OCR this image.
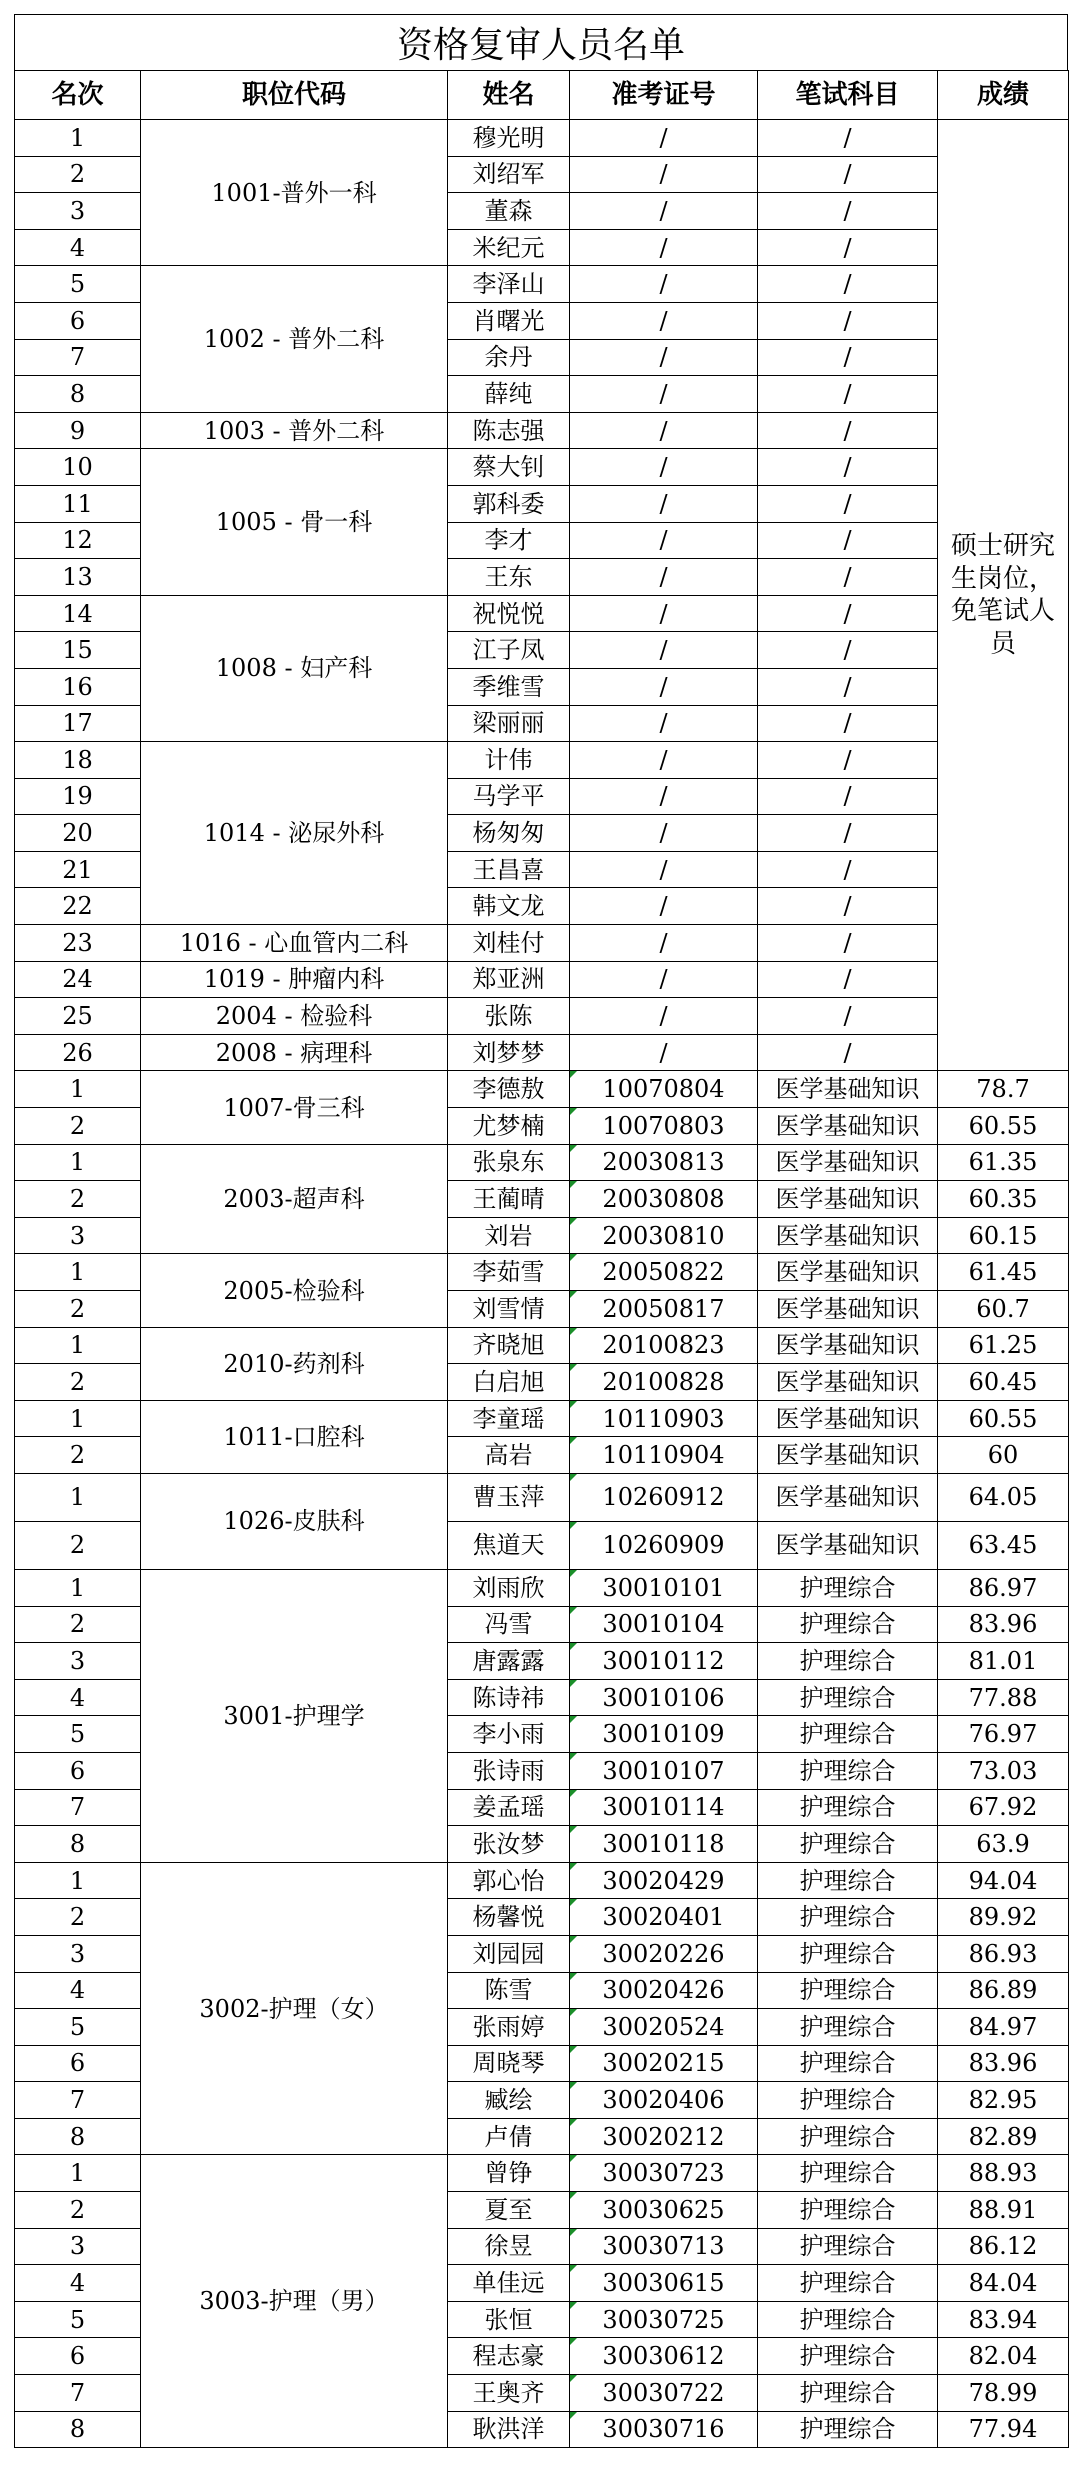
资格复审人员名单
名次	职位代码	姓名	准考证号	笔试科目	成绩
1	1001-普外一科	穆光明	/	/	硕士研究生岗位，免笔试人员
2		刘绍军	/	/	
3		董森	/	/	
4		米纪元	/	/	
5	1002 - 普外二科	李泽山	/	/	
6		肖曙光	/	/	
7		余丹	/	/	
8		薛纯	/	/	
9	1003 - 普外二科	陈志强	/	/	
10	1005 - 骨一科	蔡大钊	/	/	
11		郭科委	/	/	
12		李才	/	/	
13		王东	/	/	
14	1008 - 妇产科	祝悦悦	/	/	
15		江子凤	/	/	
16		季维雪	/	/	
17		梁丽丽	/	/	
18	1014 - 泌尿外科	计伟	/	/	
19		马学平	/	/	
20		杨匆匆	/	/	
21		王昌喜	/	/	
22		韩文龙	/	/	
23	1016 - 心血管内二科	刘桂付	/	/	
24	1019 - 肿瘤内科	郑亚洲	/	/	
25	2004 - 检验科	张陈	/	/	
26	2008 - 病理科	刘梦梦	/	/	
1	1007-骨三科	李德敖	10070804	医学基础知识	78.7
2		尤梦楠	10070803	医学基础知识	60.55
1	2003-超声科	张泉东	20030813	医学基础知识	61.35
2		王蔺晴	20030808	医学基础知识	60.35
3		刘岩	20030810	医学基础知识	60.15
1	2005-检验科	李茹雪	20050822	医学基础知识	61.45
2		刘雪情	20050817	医学基础知识	60.7
1	2010-药剂科	齐晓旭	20100823	医学基础知识	61.25
2		白启旭	20100828	医学基础知识	60.45
1	1011-口腔科	李童瑶	10110903	医学基础知识	60.55
2		高岩	10110904	医学基础知识	60
1	1026-皮肤科	曹玉萍	10260912	医学基础知识	64.05
2		焦道天	10260909	医学基础知识	63.45
1	3001-护理学	刘雨欣	30010101	护理综合	86.97
2		冯雪	30010104	护理综合	83.96
3		唐露露	30010112	护理综合	81.01
4		陈诗祎	30010106	护理综合	77.88
5		李小雨	30010109	护理综合	76.97
6		张诗雨	30010107	护理综合	73.03
7		姜孟瑶	30010114	护理综合	67.92
8		张汝梦	30010118	护理综合	63.9
1	3002-护理（女）	郭心怡	30020429	护理综合	94.04
2		杨馨悦	30020401	护理综合	89.92
3		刘园园	30020226	护理综合	86.93
4		陈雪	30020426	护理综合	86.89
5		张雨婷	30020524	护理综合	84.97
6		周晓琴	30020215	护理综合	83.96
7		臧绘	30020406	护理综合	82.95
8		卢倩	30020212	护理综合	82.89
1	3003-护理（男）	曾铮	30030723	护理综合	88.93
2		夏至	30030625	护理综合	88.91
3		徐昱	30030713	护理综合	86.12
4		单佳远	30030615	护理综合	84.04
5		张恒	30030725	护理综合	83.94
6		程志豪	30030612	护理综合	82.04
7		王奥齐	30030722	护理综合	78.99
8		耿洪洋	30030716	护理综合	77.94
